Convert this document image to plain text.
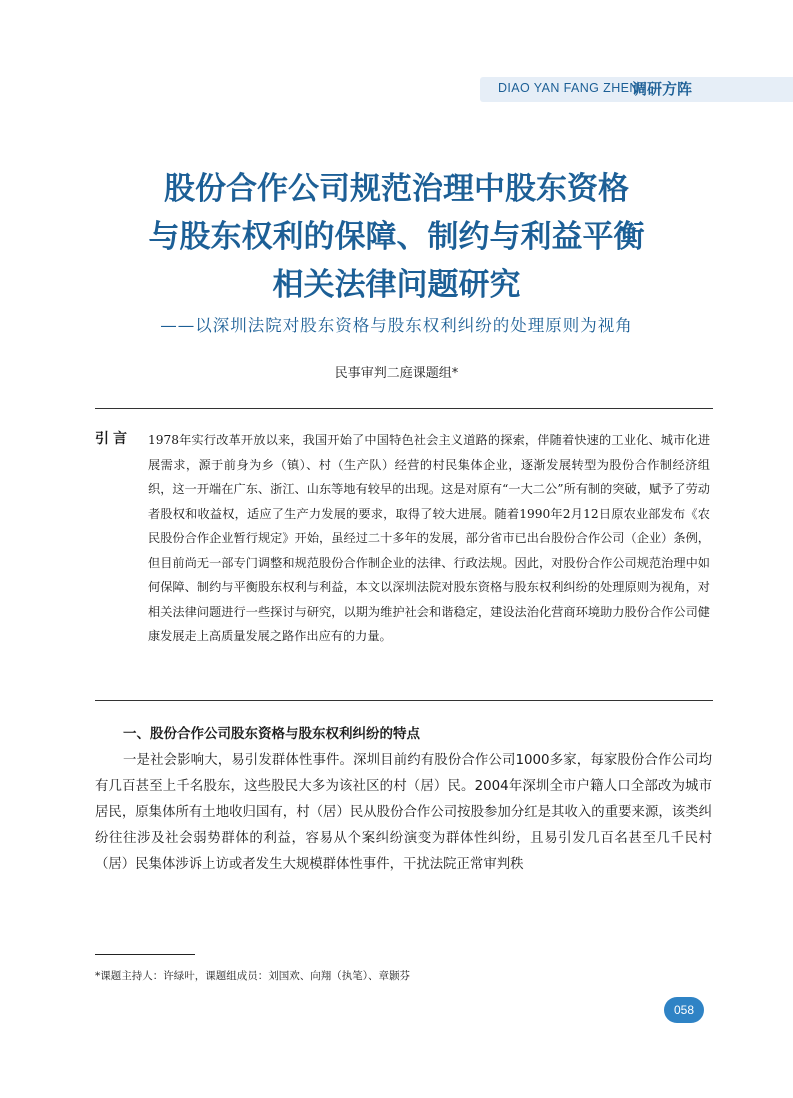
DIAO YAN FANG ZHEN
调研方阵
股份合作公司规范治理中股东资格
与股东权利的保障、制约与利益平衡
相关法律问题研究
——以深圳法院对股东资格与股东权利纠纷的处理原则为视角
民事审判二庭课题组*
引言 1978年实行改革开放以来，我国开始了中国特色社会主义道路的探索，伴随着快速的工业化、城市化进展需求，源于前身为乡（镇）、村（生产队）经营的村民集体企业，逐渐发展转型为股份合作制经济组织，这一开端在广东、浙江、山东等地有较早的出现。这是对原有“一大二公”所有制的突破，赋予了劳动者股权和收益权，适应了生产力发展的要求，取得了较大进展。随着1990年2月12日原农业部发布《农民股份合作企业暂行规定》开始，虽经过二十多年的发展，部分省市已出台股份合作公司（企业）条例，但目前尚无一部专门调整和规范股份合作制企业的法律、行政法规。因此，对股份合作公司规范治理中如何保障、制约与平衡股东权利与利益，本文以深圳法院对股东资格与股东权利纠纷的处理原则为视角，对相关法律问题进行一些探讨与研究，以期为维护社会和谐稳定，建设法治化营商环境助力股份合作公司健康发展走上高质量发展之路作出应有的力量。
一、股份合作公司股东资格与股东权利纠纷的特点
一是社会影响大，易引发群体性事件。深圳目前约有股份合作公司1000多家，每家股份合作公司均有几百甚至上千名股东，这些股民大多为该社区的村（居）民。2004年深圳全市户籍人口全部改为城市居民，原集体所有土地收归国有，村（居）民从股份合作公司按股参加分红是其收入的重要来源，该类纠纷往往涉及社会弱势群体的利益，容易从个案纠纷演变为群体性纠纷，且易引发几百名甚至几千民村（居）民集体涉诉上访或者发生大规模群体性事件，干扰法院正常审判秩
*课题主持人：许绿叶，课题组成员：刘国欢、向翔（执笔）、章颢芬
058
